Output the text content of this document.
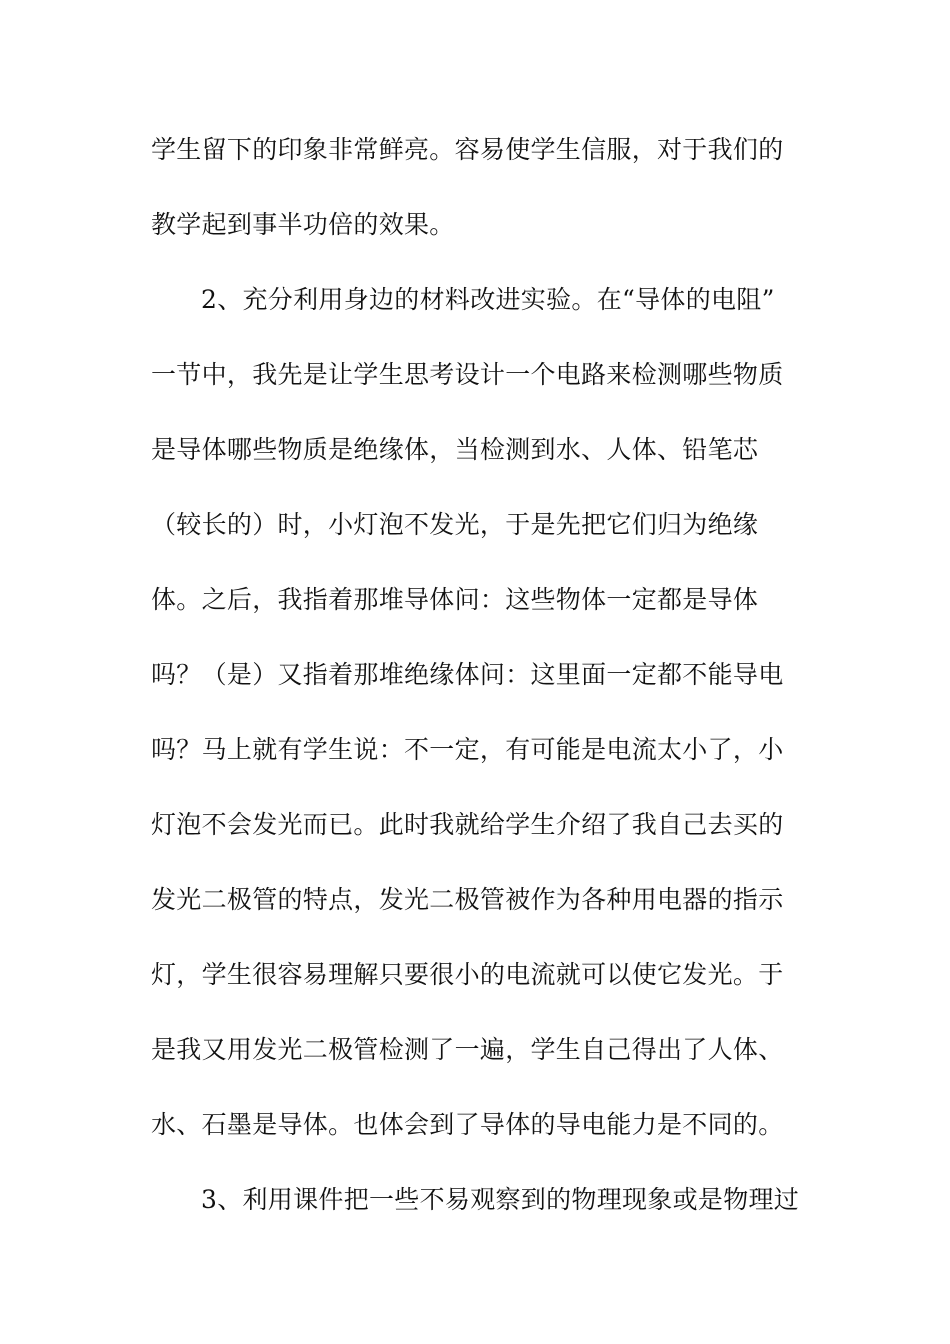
学生留下的印象非常鲜亮。容易使学生信服，对于我们的
教学起到事半功倍的效果。
2、充分利用身边的材料改进实验。在“导体的电阻”
一节中，我先是让学生思考设计一个电路来检测哪些物质
是导体哪些物质是绝缘体，当检测到水、人体、铅笔芯
（较长的）时，小灯泡不发光，于是先把它们归为绝缘
体。之后，我指着那堆导体问：这些物体一定都是导体
吗？（是）又指着那堆绝缘体问：这里面一定都不能导电
吗？马上就有学生说：不一定，有可能是电流太小了，小
灯泡不会发光而已。此时我就给学生介绍了我自己去买的
发光二极管的特点，发光二极管被作为各种用电器的指示
灯，学生很容易理解只要很小的电流就可以使它发光。于
是我又用发光二极管检测了一遍，学生自己得出了人体、
水、石墨是导体。也体会到了导体的导电能力是不同的。
3、利用课件把一些不易观察到的物理现象或是物理过
